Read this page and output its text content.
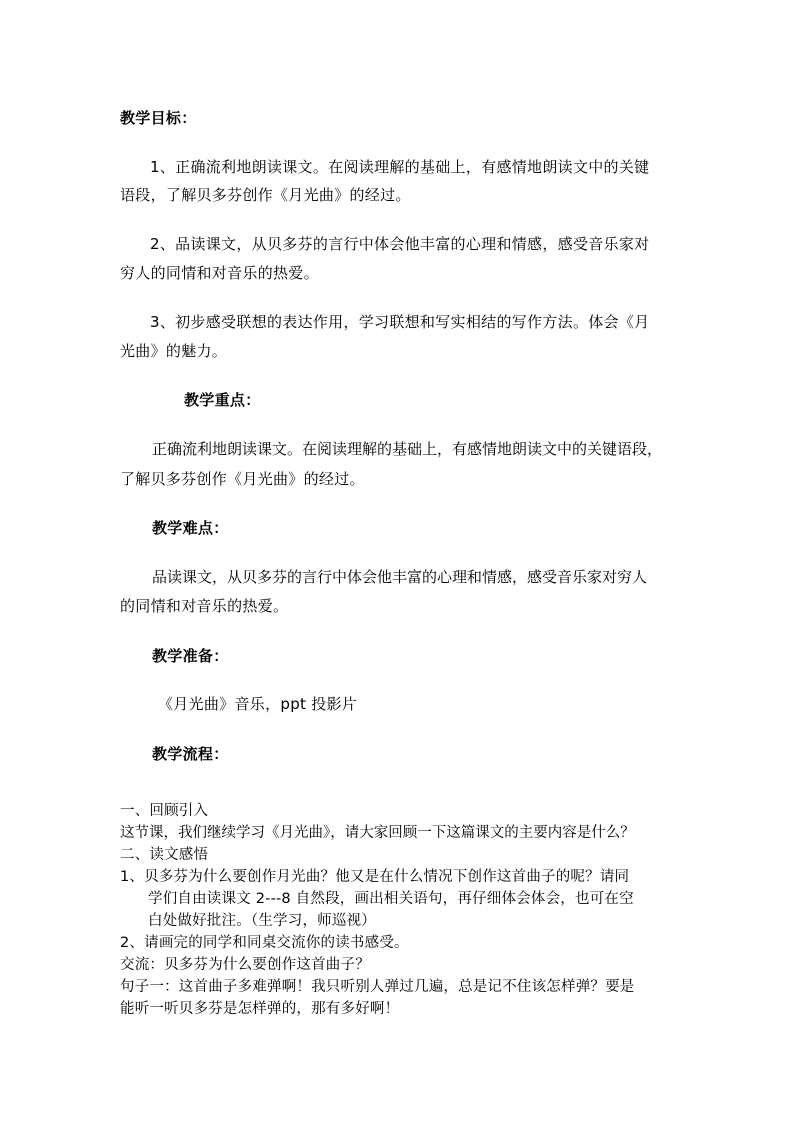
教学目标：

1、正确流利地朗读课文。在阅读理解的基础上，有感情地朗读文中的关键

语段，了解贝多芬创作《月光曲》的经过。

2、品读课文，从贝多芬的言行中体会他丰富的心理和情感，感受音乐家对

穷人的同情和对音乐的热爱。

3、初步感受联想的表达作用，学习联想和写实相结的写作方法。体会《月

光曲》的魅力。

教学重点：

正确流利地朗读课文。在阅读理解的基础上，有感情地朗读文中的关键语段，

了解贝多芬创作《月光曲》的经过。

教学难点：

品读课文，从贝多芬的言行中体会他丰富的心理和情感，感受音乐家对穷人

的同情和对音乐的热爱。

教学准备：

《月光曲》音乐，ppt 投影片

教学流程：

一、回顾引入

这节课，我们继续学习《月光曲》，请大家回顾一下这篇课文的主要内容是什么？

二、读文感悟

1、贝多芬为什么要创作月光曲？他又是在什么情况下创作这首曲子的呢？请同

学们自由读课文 2---8 自然段，画出相关语句，再仔细体会体会，也可在空

白处做好批注。（生学习，师巡视）

2、请画完的同学和同桌交流你的读书感受。

交流：贝多芬为什么要创作这首曲子？

句子一：这首曲子多难弹啊！我只听别人弹过几遍，总是记不住该怎样弹？要是

能听一听贝多芬是怎样弹的，那有多好啊！
